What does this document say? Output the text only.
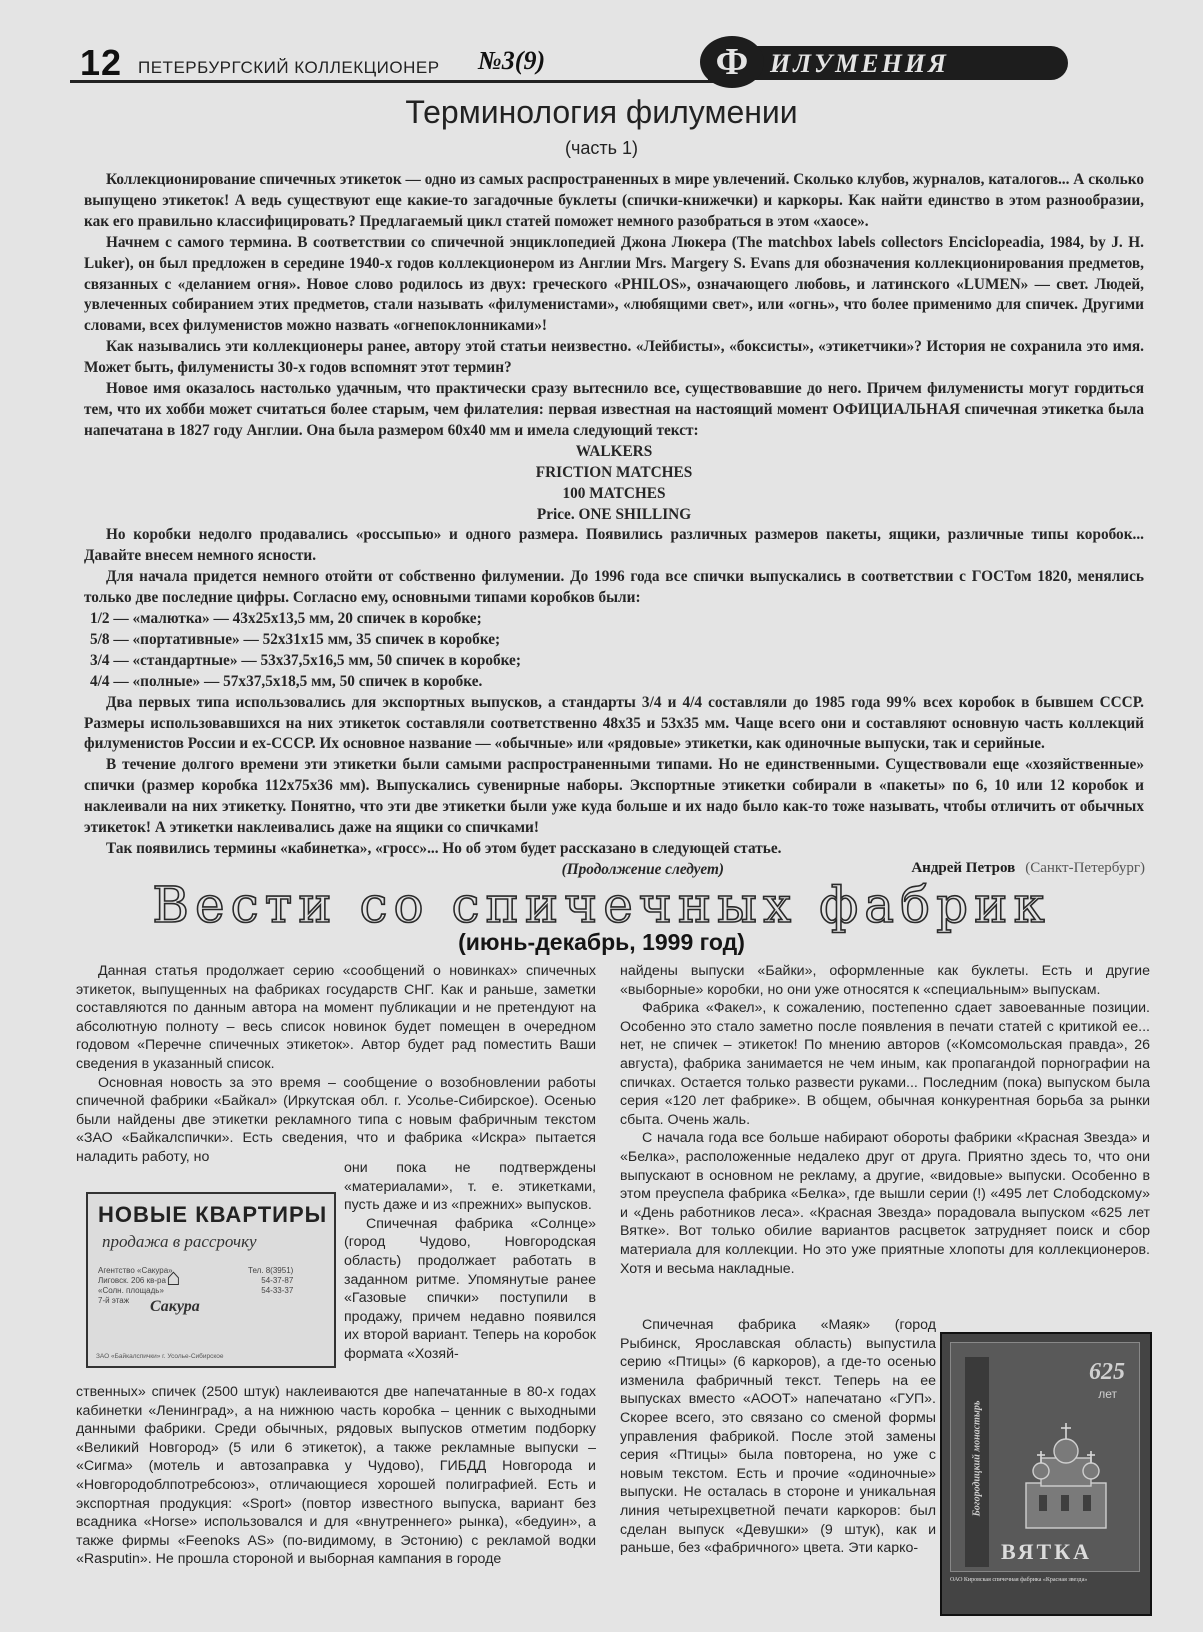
12 ПЕТЕРБУРГСКИЙ КОЛЛЕКЦИОНЕР №3(9)	ИЛУМЕНИЯ
Ф
Терминология филумении
(часть 1)

Коллекционирование спичечных этикеток — одно из самых распространенных в мире увлечений. Сколько клубов, журналов, каталогов... А сколько выпущено этикеток! А ведь существуют еще какие-то загадочные буклеты (спички-книжечки) и каркоры. Как найти единство в этом разнообразии, как его правильно классифицировать? Предлагаемый цикл статей поможет немного разобраться в этом «хаосе».

Начнем с самого термина. В соответствии со спичечной энциклопедией Джона Люкера (The matchbox labels collectors Enciclopeadia, 1984, by J. H. Luker), он был предложен в середине 1940-х годов коллекционером из Англии Mrs. Margery S. Evans для обозначения коллекционирования предметов, связанных с «деланием огня». Новое слово родилось из двух: греческого «PHILOS», означающего любовь, и латинского «LUMEN» — свет. Людей, увлеченных собиранием этих предметов, стали называть «филуменистами», «любящими свет», или «огнь», что более применимо для спичек. Другими словами, всех филуменистов можно назвать «огнепоклонниками»!

Как назывались эти коллекционеры ранее, автору этой статьи неизвестно. «Лейбисты», «боксисты», «этикетчики»? История не сохранила это имя. Может быть, филуменисты 30-х годов вспомнят этот термин?

Новое имя оказалось настолько удачным, что практически сразу вытеснило все, существовавшие до него. Причем филуменисты могут гордиться тем, что их хобби может считаться более старым, чем филателия: первая известная на настоящий момент ОФИЦИАЛЬНАЯ спичечная этикетка была напечатана в 1827 году Англии. Она была размером 60х40 мм и имела следующий текст:

WALKERS

FRICTION MATCHES

100 MATCHES

Price. ONE SHILLING

Но коробки недолго продавались «россыпью» и одного размера. Появились различных размеров пакеты, ящики, различные типы коробок... Давайте внесем немного ясности.

Для начала придется немного отойти от собственно филумении. До 1996 года все спички выпускались в соответствии с ГОСТом 1820, менялись только две последние цифры. Согласно ему, основными типами коробков были:

1/2 — «малютка» — 43х25х13,5 мм, 20 спичек в коробке;

5/8 — «портативные» — 52х31х15 мм, 35 спичек в коробке;

3/4 — «стандартные» — 53х37,5х16,5 мм, 50 спичек в коробке;

4/4 — «полные» — 57х37,5х18,5 мм, 50 спичек в коробке.

Два первых типа использовались для экспортных выпусков, а стандарты 3/4 и 4/4 составляли до 1985 года 99% всех коробок в бывшем СССР. Размеры использовавшихся на них этикеток составляли соответственно 48х35 и 53х35 мм. Чаще всего они и составляют основную часть коллекций филуменистов России и ех-СССР. Их основное название — «обычные» или «рядовые» этикетки, как одиночные выпуски, так и серийные.

В течение долгого времени эти этикетки были самыми распространенными типами. Но не единственными. Существовали еще «хозяйственные» спички (размер коробка 112х75х36 мм). Выпускались сувенирные наборы. Экспортные этикетки собирали в «пакеты» по 6, 10 или 12 коробок и наклеивали на них этикетку. Понятно, что эти две этикетки были уже куда больше и их надо было как-то тоже называть, чтобы отличить от обычных этикеток! А этикетки наклеивались даже на ящики со спичками!

Так появились термины «кабинетка», «гросс»... Но об этом будет рассказано в следующей статье.

(Продолжение следует)	Андрей Петров (Санкт-Петербург)
Вести со спичечных фабрик
(июнь-декабрь, 1999 год)

Данная статья продолжает серию «сообщений о новинках» спичечных этикеток, выпущенных на фабриках государств СНГ. Как и раньше, заметки составляются по данным автора на момент публикации и не претендуют на абсолютную полноту – весь список новинок будет помещен в очередном годовом «Перечне спичечных этикеток». Автор будет рад поместить Ваши сведения в указанный список.

Основная новость за это время – сообщение о возобновлении работы спичечной фабрики «Байкал» (Иркутская обл. г. Усолье-Сибирское). Осенью были найдены две этикетки рекламного типа с новым фабричным текстом «ЗАО «Байкалспички». Есть сведения, что и фабрика «Искра» пытается наладить работу, но

НОВЫЕ КВАРТИРЫ
продажа в рассрочку
Агентство «Сакура»
Лиговск. 206 кв-ра
«Солн. площадь»
7-й этаж
⌂
Сакура
Тел. 8(3951)
54-37-87
54-33-37
ЗАО «Байкалспички» г. Усолье-Сибирское

они пока не подтверждены «материалами», т. е. этикетками, пусть даже и из «прежних» выпусков.

Спичечная фабрика «Солнце» (город Чудово, Новгородская область) продолжает работать в заданном ритме. Упомянутые ранее «Газовые спички» поступили в продажу, причем недавно появился их второй вариант. Теперь на коробок формата «Хозяй-

ственных» спичек (2500 штук) наклеиваются две напечатанные в 80-х годах кабинетки «Ленинград», а на нижнюю часть коробка – ценник с выходными данными фабрики. Среди обычных, рядовых выпусков отметим подборку «Великий Новгород» (5 или 6 этикеток), а также рекламные выпуски – «Сигма» (мотель и автозаправка у Чудово), ГИБДД Новгорода и «Новгородоблпотребсоюз», отличающиеся хорошей полиграфией. Есть и экспортная продукция: «Sport» (повтор известного выпуска, вариант без всадника «Horse» использовался и для «внутреннего» рынка), «бедуин», а также фирмы «Feenoks AS» (по-видимому, в Эстонию) с рекламой водки «Rasputin». Не прошла стороной и выборная кампания в городе

найдены выпуски «Байки», оформленные как буклеты. Есть и другие «выборные» коробки, но они уже относятся к «специальным» выпускам.

Фабрика «Факел», к сожалению, постепенно сдает завоеванные позиции. Особенно это стало заметно после появления в печати статей с критикой ее... нет, не спичек – этикеток! По мнению авторов («Комсомольская правда», 26 августа), фабрика занимается не чем иным, как пропагандой порнографии на спичках. Остается только развести руками... Последним (пока) выпуском была серия «120 лет фабрике». В общем, обычная конкурентная борьба за рынки сбыта. Очень жаль.

С начала года все больше набирают обороты фабрики «Красная Звезда» и «Белка», расположенные недалеко друг от друга. Приятно здесь то, что они выпускают в основном не рекламу, а другие, «видовые» выпуски. Особенно в этом преуспела фабрика «Белка», где вышли серии (!) «495 лет Слободскому» и «День работников леса». «Красная Звезда» порадовала выпуском «625 лет Вятке». Вот только обилие вариантов расцветок затрудняет поиск и сбор материала для коллекции. Но это уже приятные хлопоты для коллекционеров. Хотя и весьма накладные.

Спичечная фабрика «Маяк» (город Рыбинск, Ярославская область) выпустила серию «Птицы» (6 каркоров), а где-то осенью изменила фабричный текст. Теперь на ее выпусках вместо «АООТ» напечатано «ГУП». Скорее всего, это связано со сменой формы управления фабрикой. После этой замены серия «Птицы» была повторена, но уже с новым текстом. Есть и прочие «одиночные» выпуски. Не осталась в стороне и уникальная линия четырехцветной печати каркоров: был сделан выпуск «Девушки» (9 штук), как и раньше, без «фабричного» цвета. Эти карко-

Богородицкий монастырь
625
лет
ВЯТКА
ОАО Кировская спичечная фабрика «Красная звезда»
